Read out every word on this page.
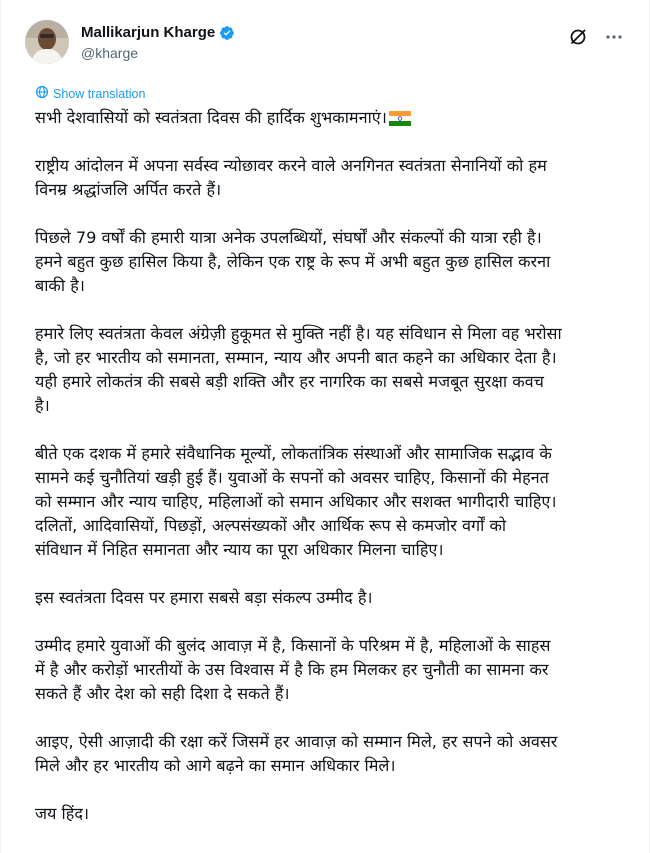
Mallikarjun Kharge
@kharge
Show translation

सभी देशवासियों को स्वतंत्रता दिवस की हार्दिक शुभकामनाएं।

राष्ट्रीय आंदोलन में अपना सर्वस्व न्योछावर करने वाले अनगिनत स्वतंत्रता सेनानियों को हम
विनम्र श्रद्धांजलि अर्पित करते हैं।

पिछले 79 वर्षों की हमारी यात्रा अनेक उपलब्धियों, संघर्षों और संकल्पों की यात्रा रही है।
हमने बहुत कुछ हासिल किया है, लेकिन एक राष्ट्र के रूप में अभी बहुत कुछ हासिल करना
बाकी है।

हमारे लिए स्वतंत्रता केवल अंग्रेज़ी हुकूमत से मुक्ति नहीं है। यह संविधान से मिला वह भरोसा
है, जो हर भारतीय को समानता, सम्मान, न्याय और अपनी बात कहने का अधिकार देता है।
यही हमारे लोकतंत्र की सबसे बड़ी शक्ति और हर नागरिक का सबसे मजबूत सुरक्षा कवच
है।

बीते एक दशक में हमारे संवैधानिक मूल्यों, लोकतांत्रिक संस्थाओं और सामाजिक सद्भाव के
सामने कई चुनौतियां खड़ी हुई हैं। युवाओं के सपनों को अवसर चाहिए, किसानों की मेहनत
को सम्मान और न्याय चाहिए, महिलाओं को समान अधिकार और सशक्त भागीदारी चाहिए।
दलितों, आदिवासियों, पिछड़ों, अल्पसंख्यकों और आर्थिक रूप से कमजोर वर्गों को
संविधान में निहित समानता और न्याय का पूरा अधिकार मिलना चाहिए।

इस स्वतंत्रता दिवस पर हमारा सबसे बड़ा संकल्प उम्मीद है।

उम्मीद हमारे युवाओं की बुलंद आवाज़ में है, किसानों के परिश्रम में है, महिलाओं के साहस
में है और करोड़ों भारतीयों के उस विश्वास में है कि हम मिलकर हर चुनौती का सामना कर
सकते हैं और देश को सही दिशा दे सकते हैं।

आइए, ऐसी आज़ादी की रक्षा करें जिसमें हर आवाज़ को सम्मान मिले, हर सपने को अवसर
मिले और हर भारतीय को आगे बढ़ने का समान अधिकार मिले।

जय हिंद।
